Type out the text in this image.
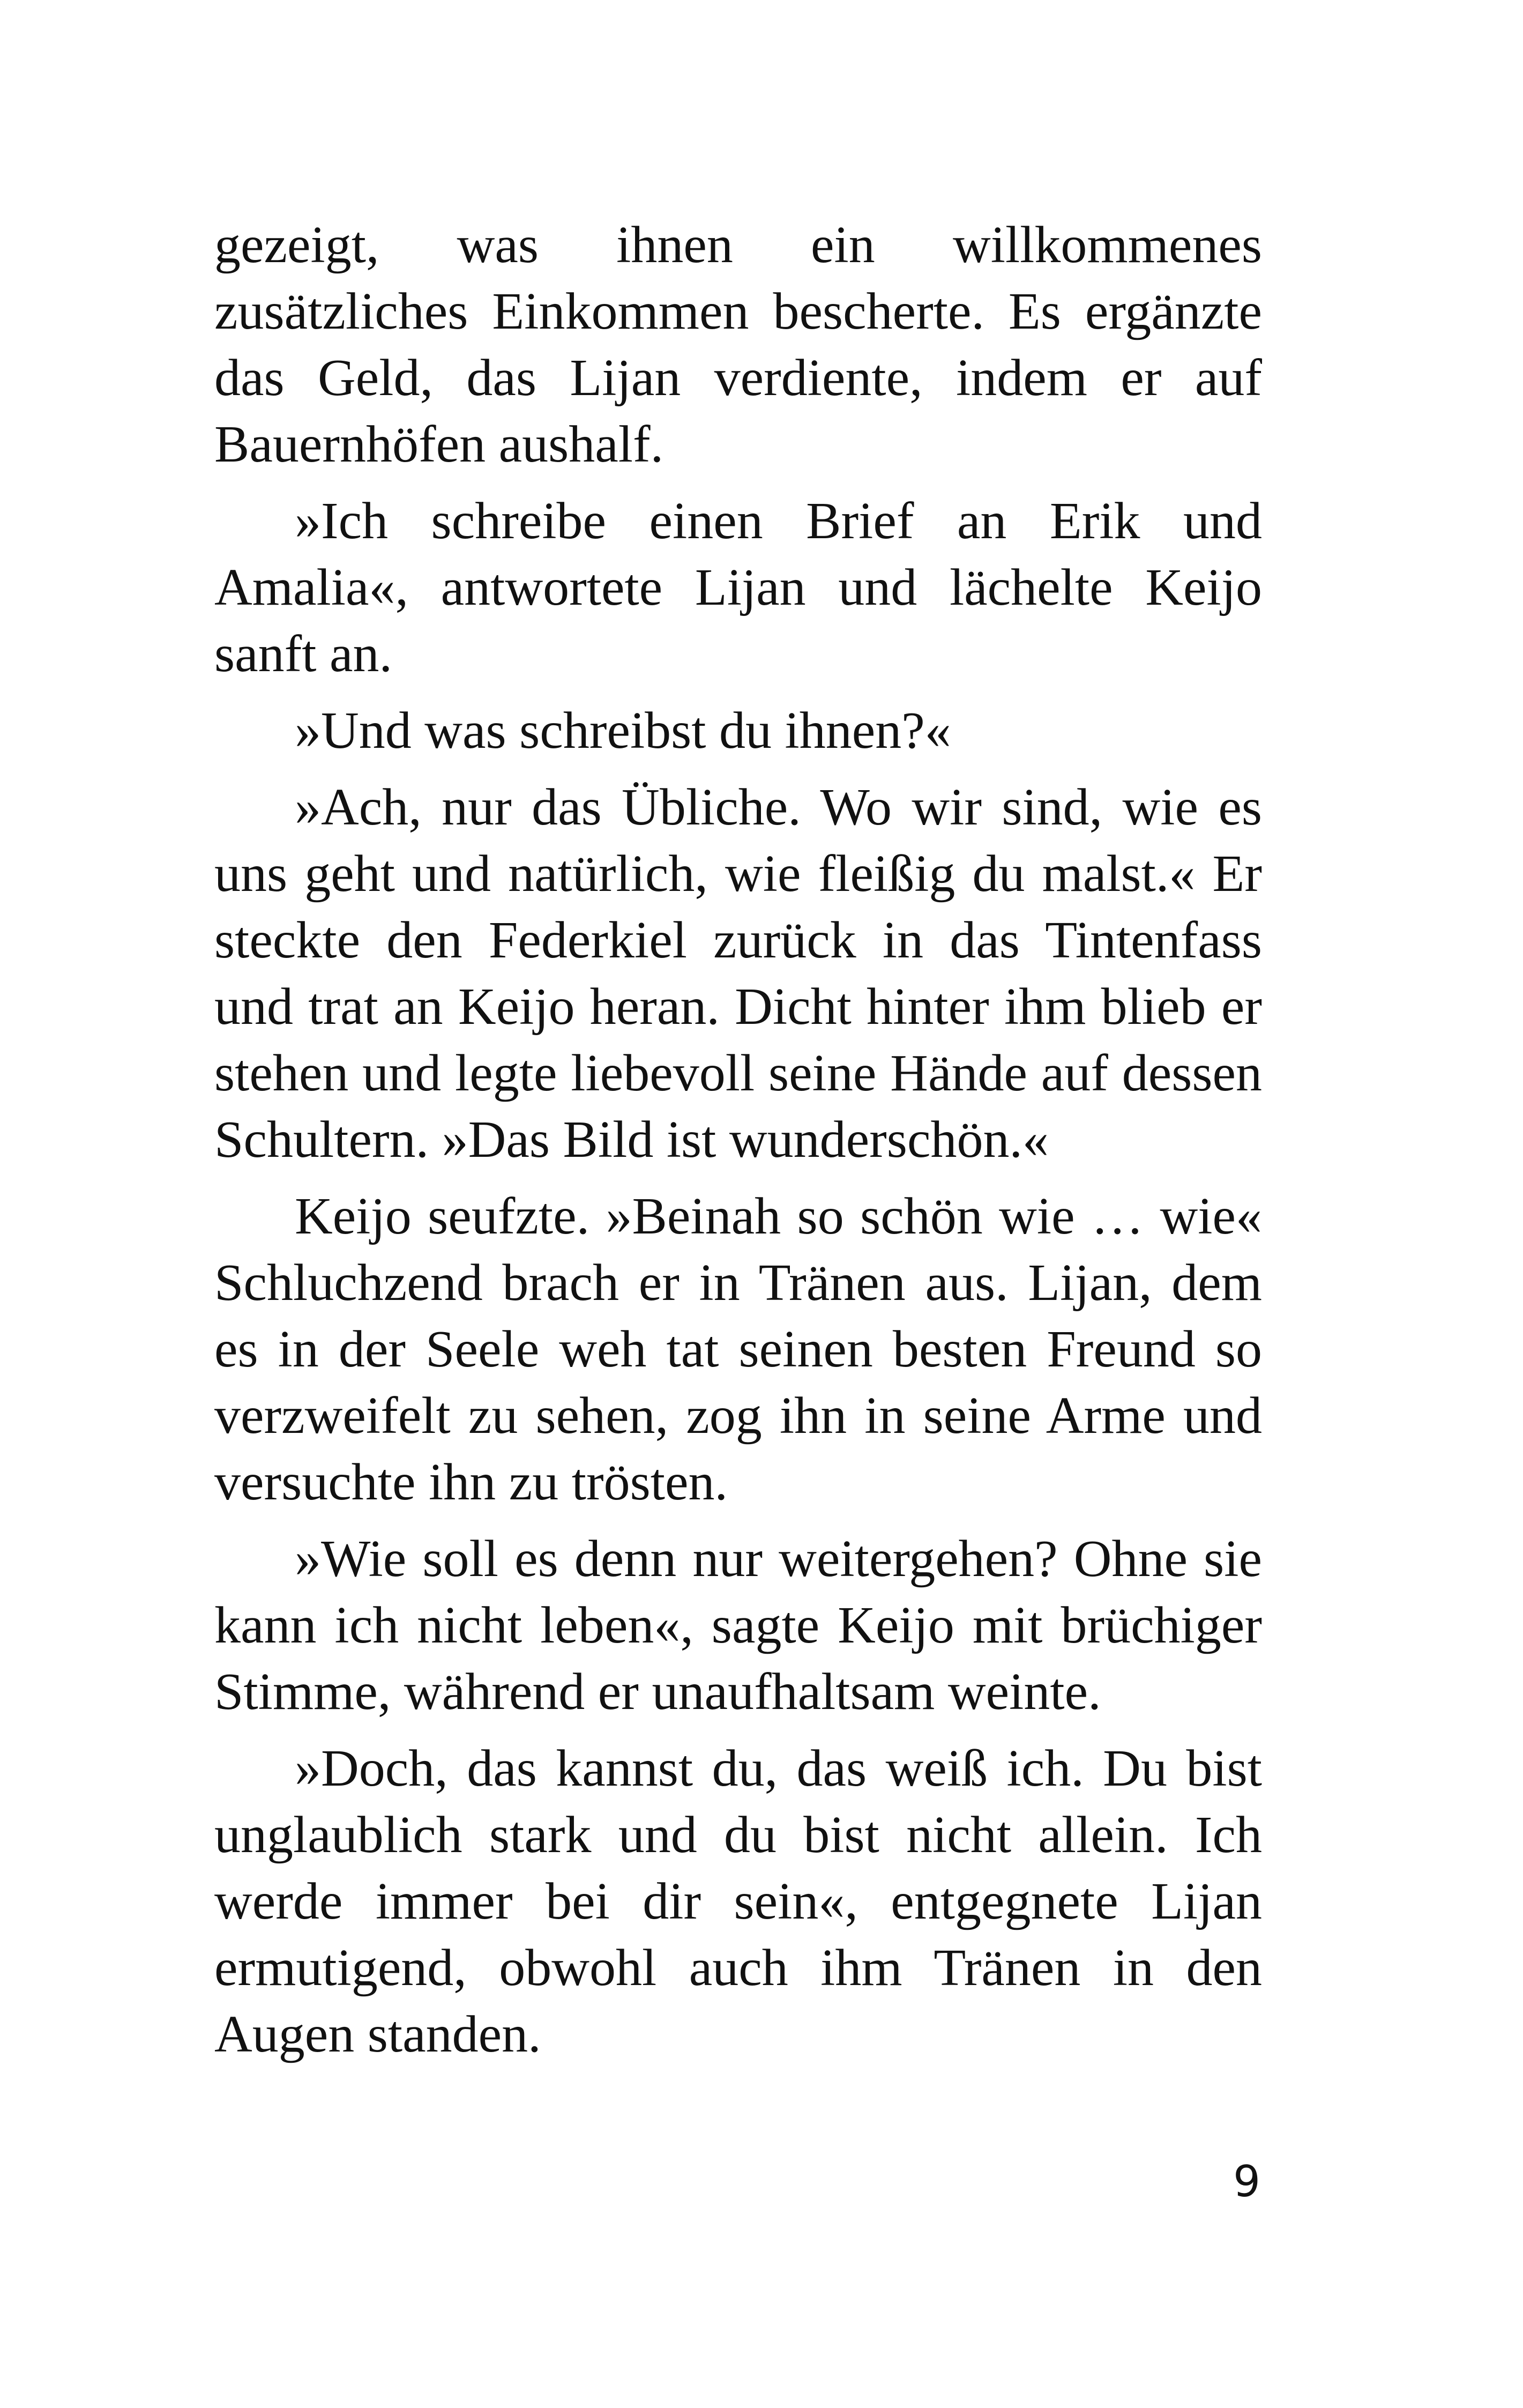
gezeigt, was ihnen ein willkommenes zusätzliches Einkommen bescherte. Es ergänzte das Geld, das Lijan verdiente, indem er auf Bauernhöfen aushalf.

»Ich schreibe einen Brief an Erik und Amalia«, antwortete Lijan und lächelte Keijo sanft an.

»Und was schreibst du ihnen?«

»Ach, nur das Übliche. Wo wir sind, wie es uns geht und natürlich, wie fleißig du malst.« Er steckte den Federkiel zurück in das Tintenfass und trat an Keijo heran. Dicht hinter ihm blieb er stehen und legte liebevoll seine Hände auf dessen Schultern. »Das Bild ist wunderschön.«

Keijo seufzte. »Beinah so schön wie … wie« Schluchzend brach er in Tränen aus. Lijan, dem es in der Seele weh tat seinen besten Freund so verzweifelt zu sehen, zog ihn in seine Arme und versuchte ihn zu trösten.

»Wie soll es denn nur weitergehen? Ohne sie kann ich nicht leben«, sagte Keijo mit brüchiger Stimme, während er unaufhaltsam weinte.

»Doch, das kannst du, das weiß ich. Du bist unglaublich stark und du bist nicht allein. Ich werde immer bei dir sein«, entgegnete Lijan ermutigend, obwohl auch ihm Tränen in den Augen standen.

9
